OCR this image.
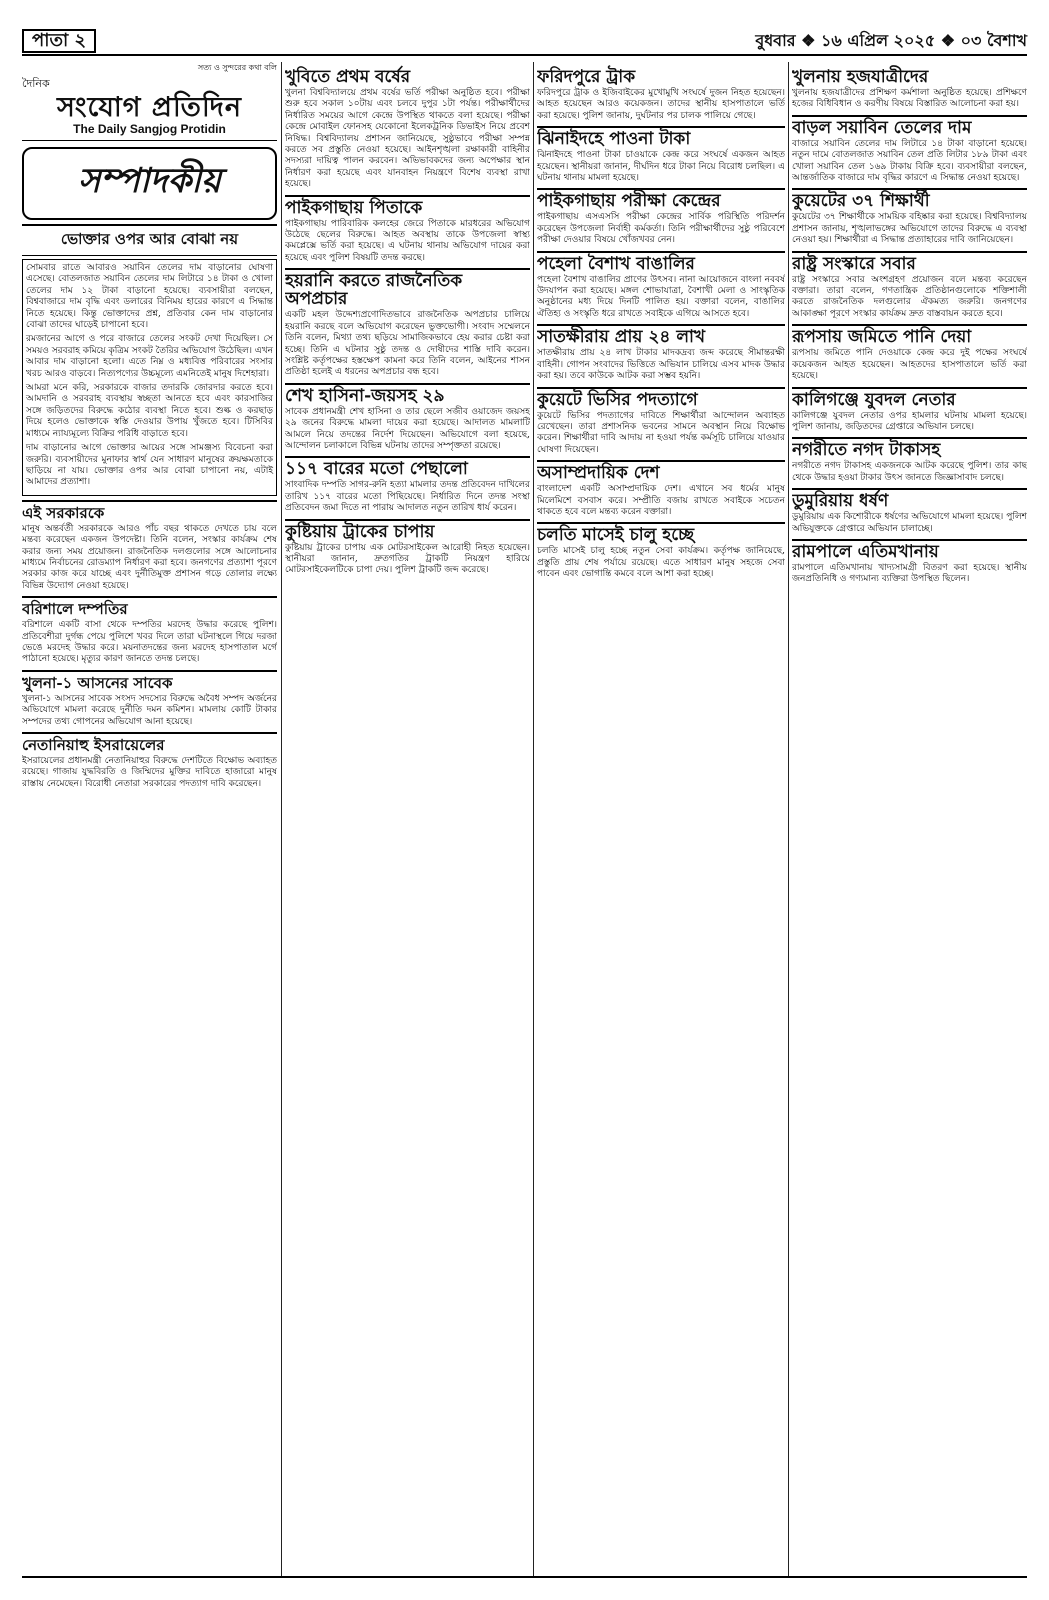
পাতা ২	বুধবার ❖ ১৬ এপ্রিল ২০২৫ ❖ ০৩ বৈশাখ
সত্য ও সুন্দরের কথা বলি
দৈনিক
সংযোগ প্রতিদিন
The Daily Sangjog Protidin
সম্পাদকীয়
ভোক্তার ওপর আর বোঝা নয়

সোমবার রাতে আবারও সয়াবিন তেলের দাম বাড়ানোর ঘোষণা এসেছে। বোতলজাত সয়াবিন তেলের দাম লিটারে ১৪ টাকা ও খোলা তেলের দাম ১২ টাকা বাড়ানো হয়েছে। ব্যবসায়ীরা বলছেন, বিশ্ববাজারে দাম বৃদ্ধি এবং ডলারের বিনিময় হারের কারণে এ সিদ্ধান্ত নিতে হয়েছে। কিন্তু ভোক্তাদের প্রশ্ন, প্রতিবার কেন দাম বাড়ানোর বোঝা তাদের ঘাড়েই চাপানো হবে।

রমজানের আগে ও পরে বাজারে তেলের সংকট দেখা দিয়েছিল। সে সময়ও সরবরাহ কমিয়ে কৃত্রিম সংকট তৈরির অভিযোগ উঠেছিল। এখন আবার দাম বাড়ানো হলো। এতে নিম্ন ও মধ্যবিত্ত পরিবারের সংসার খরচ আরও বাড়বে। নিত্যপণ্যের উচ্চমূল্যে এমনিতেই মানুষ দিশেহারা।

আমরা মনে করি, সরকারকে বাজার তদারকি জোরদার করতে হবে। আমদানি ও সরবরাহ ব্যবস্থায় স্বচ্ছতা আনতে হবে এবং কারসাজির সঙ্গে জড়িতদের বিরুদ্ধে কঠোর ব্যবস্থা নিতে হবে। শুল্ক ও করছাড় দিয়ে হলেও ভোক্তাকে স্বস্তি দেওয়ার উপায় খুঁজতে হবে। টিসিবির মাধ্যমে ন্যায্যমূল্যে বিক্রির পরিধি বাড়াতে হবে।

দাম বাড়ানোর আগে ভোক্তার আয়ের সঙ্গে সামঞ্জস্য বিবেচনা করা জরুরি। ব্যবসায়ীদের মুনাফার স্বার্থ যেন সাধারণ মানুষের ক্রয়ক্ষমতাকে ছাড়িয়ে না যায়। ভোক্তার ওপর আর বোঝা চাপানো নয়, এটাই আমাদের প্রত্যাশা।

এই সরকারকে

মানুষ অন্তর্বর্তী সরকারকে আরও পাঁচ বছর থাকতে দেখতে চায় বলে মন্তব্য করেছেন একজন উপদেষ্টা। তিনি বলেন, সংস্কার কার্যক্রম শেষ করার জন্য সময় প্রয়োজন। রাজনৈতিক দলগুলোর সঙ্গে আলোচনার মাধ্যমে নির্বাচনের রোডম্যাপ নির্ধারণ করা হবে। জনগণের প্রত্যাশা পূরণে সরকার কাজ করে যাচ্ছে এবং দুর্নীতিমুক্ত প্রশাসন গড়ে তোলার লক্ষ্যে বিভিন্ন উদ্যোগ নেওয়া হয়েছে।

বরিশালে দম্পতির

বরিশালে একটি বাসা থেকে দম্পতির মরদেহ উদ্ধার করেছে পুলিশ। প্রতিবেশীরা দুর্গন্ধ পেয়ে পুলিশে খবর দিলে তারা ঘটনাস্থলে গিয়ে দরজা ভেঙে মরদেহ উদ্ধার করে। ময়নাতদন্তের জন্য মরদেহ হাসপাতাল মর্গে পাঠানো হয়েছে। মৃত্যুর কারণ জানতে তদন্ত চলছে।

খুলনা-১ আসনের সাবেক

খুলনা-১ আসনের সাবেক সংসদ সদস্যের বিরুদ্ধে অবৈধ সম্পদ অর্জনের অভিযোগে মামলা করেছে দুর্নীতি দমন কমিশন। মামলায় কোটি টাকার সম্পদের তথ্য গোপনের অভিযোগ আনা হয়েছে।

নেতানিয়াহু ইসরায়েলের

ইসরায়েলের প্রধানমন্ত্রী নেতানিয়াহুর বিরুদ্ধে দেশটিতে বিক্ষোভ অব্যাহত রয়েছে। গাজায় যুদ্ধবিরতি ও জিম্মিদের মুক্তির দাবিতে হাজারো মানুষ রাস্তায় নেমেছেন। বিরোধী নেতারা সরকারের পদত্যাগ দাবি করেছেন।

খুবিতে প্রথম বর্ষের

খুলনা বিশ্ববিদ্যালয়ে প্রথম বর্ষের ভর্তি পরীক্ষা অনুষ্ঠিত হবে। পরীক্ষা শুরু হবে সকাল ১০টায় এবং চলবে দুপুর ১টা পর্যন্ত। পরীক্ষার্থীদের নির্ধারিত সময়ের আগে কেন্দ্রে উপস্থিত থাকতে বলা হয়েছে। পরীক্ষা কেন্দ্রে মোবাইল ফোনসহ যেকোনো ইলেকট্রনিক ডিভাইস নিয়ে প্রবেশ নিষিদ্ধ। বিশ্ববিদ্যালয় প্রশাসন জানিয়েছে, সুষ্ঠুভাবে পরীক্ষা সম্পন্ন করতে সব প্রস্তুতি নেওয়া হয়েছে। আইনশৃঙ্খলা রক্ষাকারী বাহিনীর সদস্যরা দায়িত্ব পালন করবেন। অভিভাবকদের জন্য অপেক্ষার স্থান নির্ধারণ করা হয়েছে এবং যানবাহন নিয়ন্ত্রণে বিশেষ ব্যবস্থা রাখা হয়েছে।

পাইকগাছায় পিতাকে

পাইকগাছায় পারিবারিক কলহের জেরে পিতাকে মারধরের অভিযোগ উঠেছে ছেলের বিরুদ্ধে। আহত অবস্থায় তাকে উপজেলা স্বাস্থ্য কমপ্লেক্সে ভর্তি করা হয়েছে। এ ঘটনায় থানায় অভিযোগ দায়ের করা হয়েছে এবং পুলিশ বিষয়টি তদন্ত করছে।

হয়রানি করতে রাজনৈতিক অপপ্রচার

একটি মহল উদ্দেশ্যপ্রণোদিতভাবে রাজনৈতিক অপপ্রচার চালিয়ে হয়রানি করছে বলে অভিযোগ করেছেন ভুক্তভোগী। সংবাদ সম্মেলনে তিনি বলেন, মিথ্যা তথ্য ছড়িয়ে সামাজিকভাবে হেয় করার চেষ্টা করা হচ্ছে। তিনি এ ঘটনার সুষ্ঠু তদন্ত ও দোষীদের শাস্তি দাবি করেন। সংশ্লিষ্ট কর্তৃপক্ষের হস্তক্ষেপ কামনা করে তিনি বলেন, আইনের শাসন প্রতিষ্ঠা হলেই এ ধরনের অপপ্রচার বন্ধ হবে।

শেখ হাসিনা-জয়সহ ২৯

সাবেক প্রধানমন্ত্রী শেখ হাসিনা ও তার ছেলে সজীব ওয়াজেদ জয়সহ ২৯ জনের বিরুদ্ধে মামলা দায়ের করা হয়েছে। আদালত মামলাটি আমলে নিয়ে তদন্তের নির্দেশ দিয়েছেন। অভিযোগে বলা হয়েছে, আন্দোলন চলাকালে বিভিন্ন ঘটনায় তাদের সম্পৃক্ততা রয়েছে।

১১৭ বারের মতো পেছালো

সাংবাদিক দম্পতি সাগর-রুনি হত্যা মামলার তদন্ত প্রতিবেদন দাখিলের তারিখ ১১৭ বারের মতো পিছিয়েছে। নির্ধারিত দিনে তদন্ত সংস্থা প্রতিবেদন জমা দিতে না পারায় আদালত নতুন তারিখ ধার্য করেন।

কুষ্টিয়ায় ট্রাকের চাপায়

কুষ্টিয়ায় ট্রাকের চাপায় এক মোটরসাইকেল আরোহী নিহত হয়েছেন। স্থানীয়রা জানান, দ্রুতগতির ট্রাকটি নিয়ন্ত্রণ হারিয়ে মোটরসাইকেলটিকে চাপা দেয়। পুলিশ ট্রাকটি জব্দ করেছে।

ফরিদপুরে ট্রাক

ফরিদপুরে ট্রাক ও ইজিবাইকের মুখোমুখি সংঘর্ষে দুজন নিহত হয়েছেন। আহত হয়েছেন আরও কয়েকজন। তাদের স্থানীয় হাসপাতালে ভর্তি করা হয়েছে। পুলিশ জানায়, দুর্ঘটনার পর চালক পালিয়ে গেছে।

ঝিনাইদহে পাওনা টাকা

ঝিনাইদহে পাওনা টাকা চাওয়াকে কেন্দ্র করে সংঘর্ষে একজন আহত হয়েছেন। স্থানীয়রা জানান, দীর্ঘদিন ধরে টাকা নিয়ে বিরোধ চলছিল। এ ঘটনায় থানায় মামলা হয়েছে।

পাইকগাছায় পরীক্ষা কেন্দ্রের

পাইকগাছায় এসএসসি পরীক্ষা কেন্দ্রের সার্বিক পরিস্থিতি পরিদর্শন করেছেন উপজেলা নির্বাহী কর্মকর্তা। তিনি পরীক্ষার্থীদের সুষ্ঠু পরিবেশে পরীক্ষা দেওয়ার বিষয়ে খোঁজখবর নেন।

পহেলা বৈশাখ বাঙালির

পহেলা বৈশাখ বাঙালির প্রাণের উৎসব। নানা আয়োজনে বাংলা নববর্ষ উদযাপন করা হয়েছে। মঙ্গল শোভাযাত্রা, বৈশাখী মেলা ও সাংস্কৃতিক অনুষ্ঠানের মধ্য দিয়ে দিনটি পালিত হয়। বক্তারা বলেন, বাঙালির ঐতিহ্য ও সংস্কৃতি ধরে রাখতে সবাইকে এগিয়ে আসতে হবে।

সাতক্ষীরায় প্রায় ২৪ লাখ

সাতক্ষীরায় প্রায় ২৪ লাখ টাকার মাদকদ্রব্য জব্দ করেছে সীমান্তরক্ষী বাহিনী। গোপন সংবাদের ভিত্তিতে অভিযান চালিয়ে এসব মাদক উদ্ধার করা হয়। তবে কাউকে আটক করা সম্ভব হয়নি।

কুয়েটে ভিসির পদত্যাগে

কুয়েটে ভিসির পদত্যাগের দাবিতে শিক্ষার্থীরা আন্দোলন অব্যাহত রেখেছেন। তারা প্রশাসনিক ভবনের সামনে অবস্থান নিয়ে বিক্ষোভ করেন। শিক্ষার্থীরা দাবি আদায় না হওয়া পর্যন্ত কর্মসূচি চালিয়ে যাওয়ার ঘোষণা দিয়েছেন।

অসাম্প্রদায়িক দেশ

বাংলাদেশ একটি অসাম্প্রদায়িক দেশ। এখানে সব ধর্মের মানুষ মিলেমিশে বসবাস করে। সম্প্রীতি বজায় রাখতে সবাইকে সচেতন থাকতে হবে বলে মন্তব্য করেন বক্তারা।

চলতি মাসেই চালু হচ্ছে

চলতি মাসেই চালু হচ্ছে নতুন সেবা কার্যক্রম। কর্তৃপক্ষ জানিয়েছে, প্রস্তুতি প্রায় শেষ পর্যায়ে রয়েছে। এতে সাধারণ মানুষ সহজে সেবা পাবেন এবং ভোগান্তি কমবে বলে আশা করা হচ্ছে।

খুলনায় হজযাত্রীদের

খুলনায় হজযাত্রীদের প্রশিক্ষণ কর্মশালা অনুষ্ঠিত হয়েছে। প্রশিক্ষণে হজের বিধিবিধান ও করণীয় বিষয়ে বিস্তারিত আলোচনা করা হয়।

বাড়ল সয়াবিন তেলের দাম

বাজারে সয়াবিন তেলের দাম লিটারে ১৪ টাকা বাড়ানো হয়েছে। নতুন দামে বোতলজাত সয়াবিন তেল প্রতি লিটার ১৮৯ টাকা এবং খোলা সয়াবিন তেল ১৬৯ টাকায় বিক্রি হবে। ব্যবসায়ীরা বলছেন, আন্তর্জাতিক বাজারে দাম বৃদ্ধির কারণে এ সিদ্ধান্ত নেওয়া হয়েছে।

কুয়েটের ৩৭ শিক্ষার্থী

কুয়েটের ৩৭ শিক্ষার্থীকে সাময়িক বহিষ্কার করা হয়েছে। বিশ্ববিদ্যালয় প্রশাসন জানায়, শৃঙ্খলাভঙ্গের অভিযোগে তাদের বিরুদ্ধে এ ব্যবস্থা নেওয়া হয়। শিক্ষার্থীরা এ সিদ্ধান্ত প্রত্যাহারের দাবি জানিয়েছেন।

রাষ্ট্র সংস্কারে সবার

রাষ্ট্র সংস্কারে সবার অংশগ্রহণ প্রয়োজন বলে মন্তব্য করেছেন বক্তারা। তারা বলেন, গণতান্ত্রিক প্রতিষ্ঠানগুলোকে শক্তিশালী করতে রাজনৈতিক দলগুলোর ঐকমত্য জরুরি। জনগণের আকাঙ্ক্ষা পূরণে সংস্কার কার্যক্রম দ্রুত বাস্তবায়ন করতে হবে।

রূপসায় জমিতে পানি দেয়া

রূপসায় জমিতে পানি দেওয়াকে কেন্দ্র করে দুই পক্ষের সংঘর্ষে কয়েকজন আহত হয়েছেন। আহতদের হাসপাতালে ভর্তি করা হয়েছে।

কালিগঞ্জে যুবদল নেতার

কালিগঞ্জে যুবদল নেতার ওপর হামলার ঘটনায় মামলা হয়েছে। পুলিশ জানায়, জড়িতদের গ্রেপ্তারে অভিযান চলছে।

নগরীতে নগদ টাকাসহ

নগরীতে নগদ টাকাসহ একজনকে আটক করেছে পুলিশ। তার কাছ থেকে উদ্ধার হওয়া টাকার উৎস জানতে জিজ্ঞাসাবাদ চলছে।

ডুমুরিয়ায় ধর্ষণ

ডুমুরিয়ায় এক কিশোরীকে ধর্ষণের অভিযোগে মামলা হয়েছে। পুলিশ অভিযুক্তকে গ্রেপ্তারে অভিযান চালাচ্ছে।

রামপালে এতিমখানায়

রামপালে এতিমখানায় খাদ্যসামগ্রী বিতরণ করা হয়েছে। স্থানীয় জনপ্রতিনিধি ও গণ্যমান্য ব্যক্তিরা উপস্থিত ছিলেন।
